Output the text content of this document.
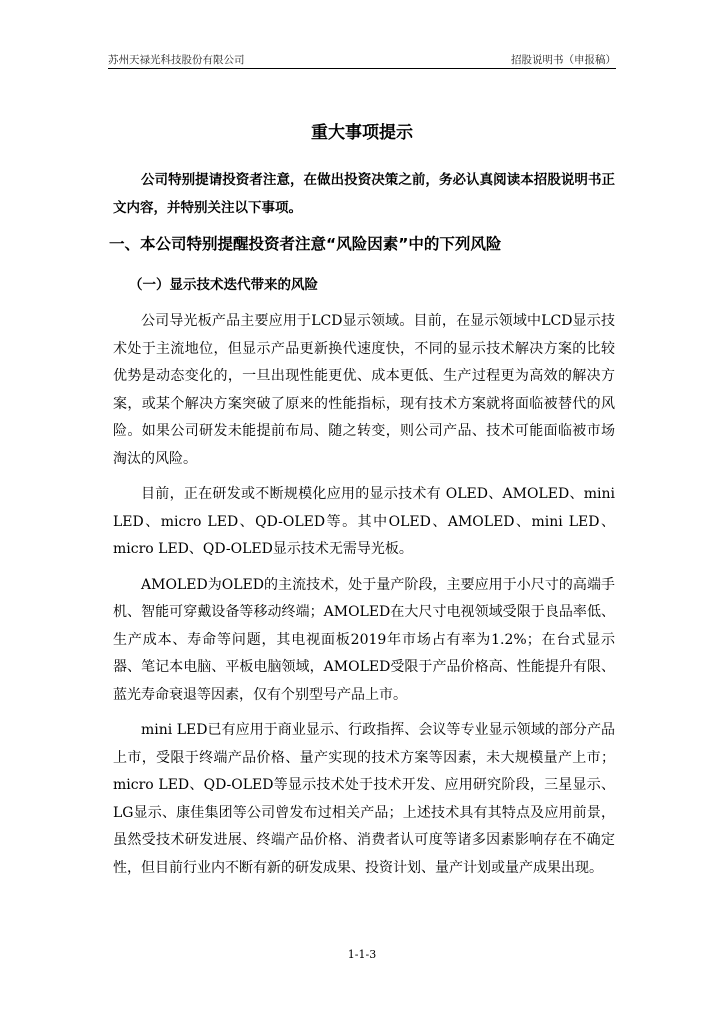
苏州天禄光科技股份有限公司	招股说明书（申报稿）
重大事项提示

公司特别提请投资者注意，在做出投资决策之前，务必认真阅读本招股说明书正文内容，并特别关注以下事项。

一、本公司特别提醒投资者注意“风险因素”中的下列风险
（一）显示技术迭代带来的风险

公司导光板产品主要应用于LCD显示领域。目前，在显示领域中LCD显示技术处于主流地位，但显示产品更新换代速度快，不同的显示技术解决方案的比较优势是动态变化的，一旦出现性能更优、成本更低、生产过程更为高效的解决方案，或某个解决方案突破了原来的性能指标，现有技术方案就将面临被替代的风险。如果公司研发未能提前布局、随之转变，则公司产品、技术可能面临被市场淘汰的风险。

目前，正在研发或不断规模化应用的显示技术有 OLED、AMOLED、mini LED、micro LED、QD-OLED等。其中OLED、AMOLED、mini LED、micro LED、QD-OLED显示技术无需导光板。

AMOLED为OLED的主流技术，处于量产阶段，主要应用于小尺寸的高端手机、智能可穿戴设备等移动终端；AMOLED在大尺寸电视领域受限于良品率低、生产成本、寿命等问题，其电视面板2019年市场占有率为1.2%；在台式显示器、笔记本电脑、平板电脑领域，AMOLED受限于产品价格高、性能提升有限、蓝光寿命衰退等因素，仅有个别型号产品上市。

mini LED已有应用于商业显示、行政指挥、会议等专业显示领域的部分产品上市，受限于终端产品价格、量产实现的技术方案等因素，未大规模量产上市；micro LED、QD-OLED等显示技术处于技术开发、应用研究阶段，三星显示、LG显示、康佳集团等公司曾发布过相关产品；上述技术具有其特点及应用前景，虽然受技术研发进展、终端产品价格、消费者认可度等诸多因素影响存在不确定性，但目前行业内不断有新的研发成果、投资计划、量产计划或量产成果出现。

1-1-3
